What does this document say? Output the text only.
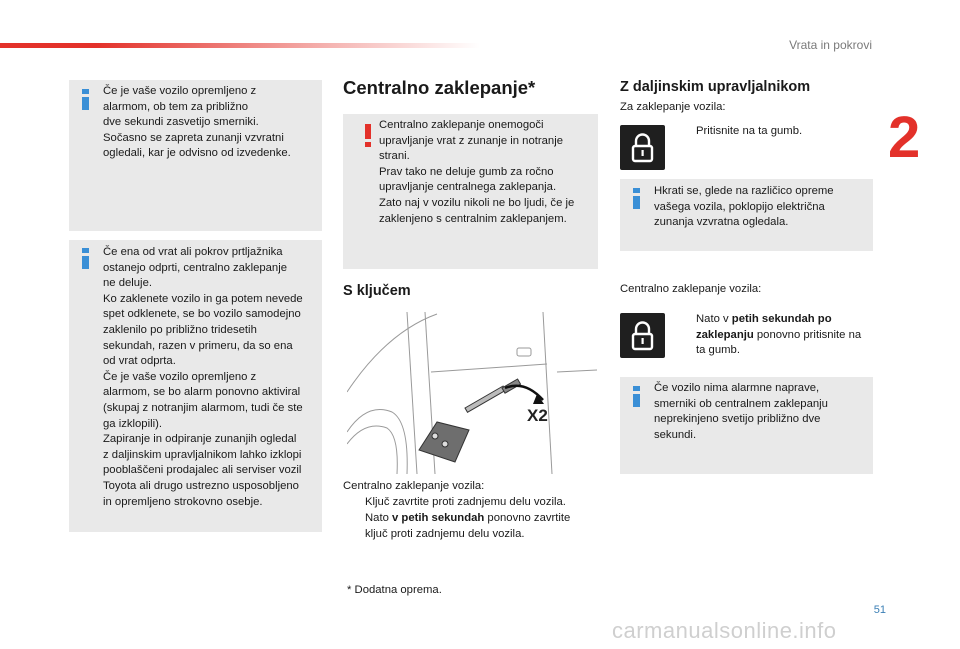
Vrata in pokrovi
2
Če je vaše vozilo opremljeno z
alarmom, ob tem za približno
dve sekundi zasvetijo smerniki.
Sočasno se zapreta zunanji vzvratni
ogledali, kar je odvisno od izvedenke.
Če ena od vrat ali pokrov prtljažnika
ostanejo odprti, centralno zaklepanje
ne deluje.
Ko zaklenete vozilo in ga potem nevede
spet odklenete, se bo vozilo samodejno
zaklenilo po približno tridesetih
sekundah, razen v primeru, da so ena
od vrat odprta.
Če je vaše vozilo opremljeno z
alarmom, se bo alarm ponovno aktiviral
(skupaj z notranjim alarmom, tudi če ste
ga izklopili).
Zapiranje in odpiranje zunanjih ogledal
z daljinskim upravljalnikom lahko izklopi
pooblaščeni prodajalec ali serviser vozil
Toyota ali drugo ustrezno usposobljeno
in opremljeno strokovno osebje.
Centralno zaklepanje*
Centralno zaklepanje onemogoči
upravljanje vrat z zunanje in notranje
strani.
Prav tako ne deluje gumb za ročno
upravljanje centralnega zaklepanja.
Zato naj v vozilu nikoli ne bo ljudi, če je
zaklenjeno s centralnim zaklepanjem.
S ključem
X2
Centralno zaklepanje vozila:
Ključ zavrtite proti zadnjemu delu vozila.
Nato v petih sekundah ponovno zavrtite
ključ proti zadnjemu delu vozila.
* Dodatna oprema.
Z daljinskim upravljalnikom
Za zaklepanje vozila:
Pritisnite na ta gumb.
Hkrati se, glede na različico opreme
vašega vozila, poklopijo električna
zunanja vzvratna ogledala.
Centralno zaklepanje vozila:
Nato v petih sekundah po
zaklepanju ponovno pritisnite na
ta gumb.
Če vozilo nima alarmne naprave,
smerniki ob centralnem zaklepanju
neprekinjeno svetijo približno dve
sekundi.
51
carmanualsonline.info
